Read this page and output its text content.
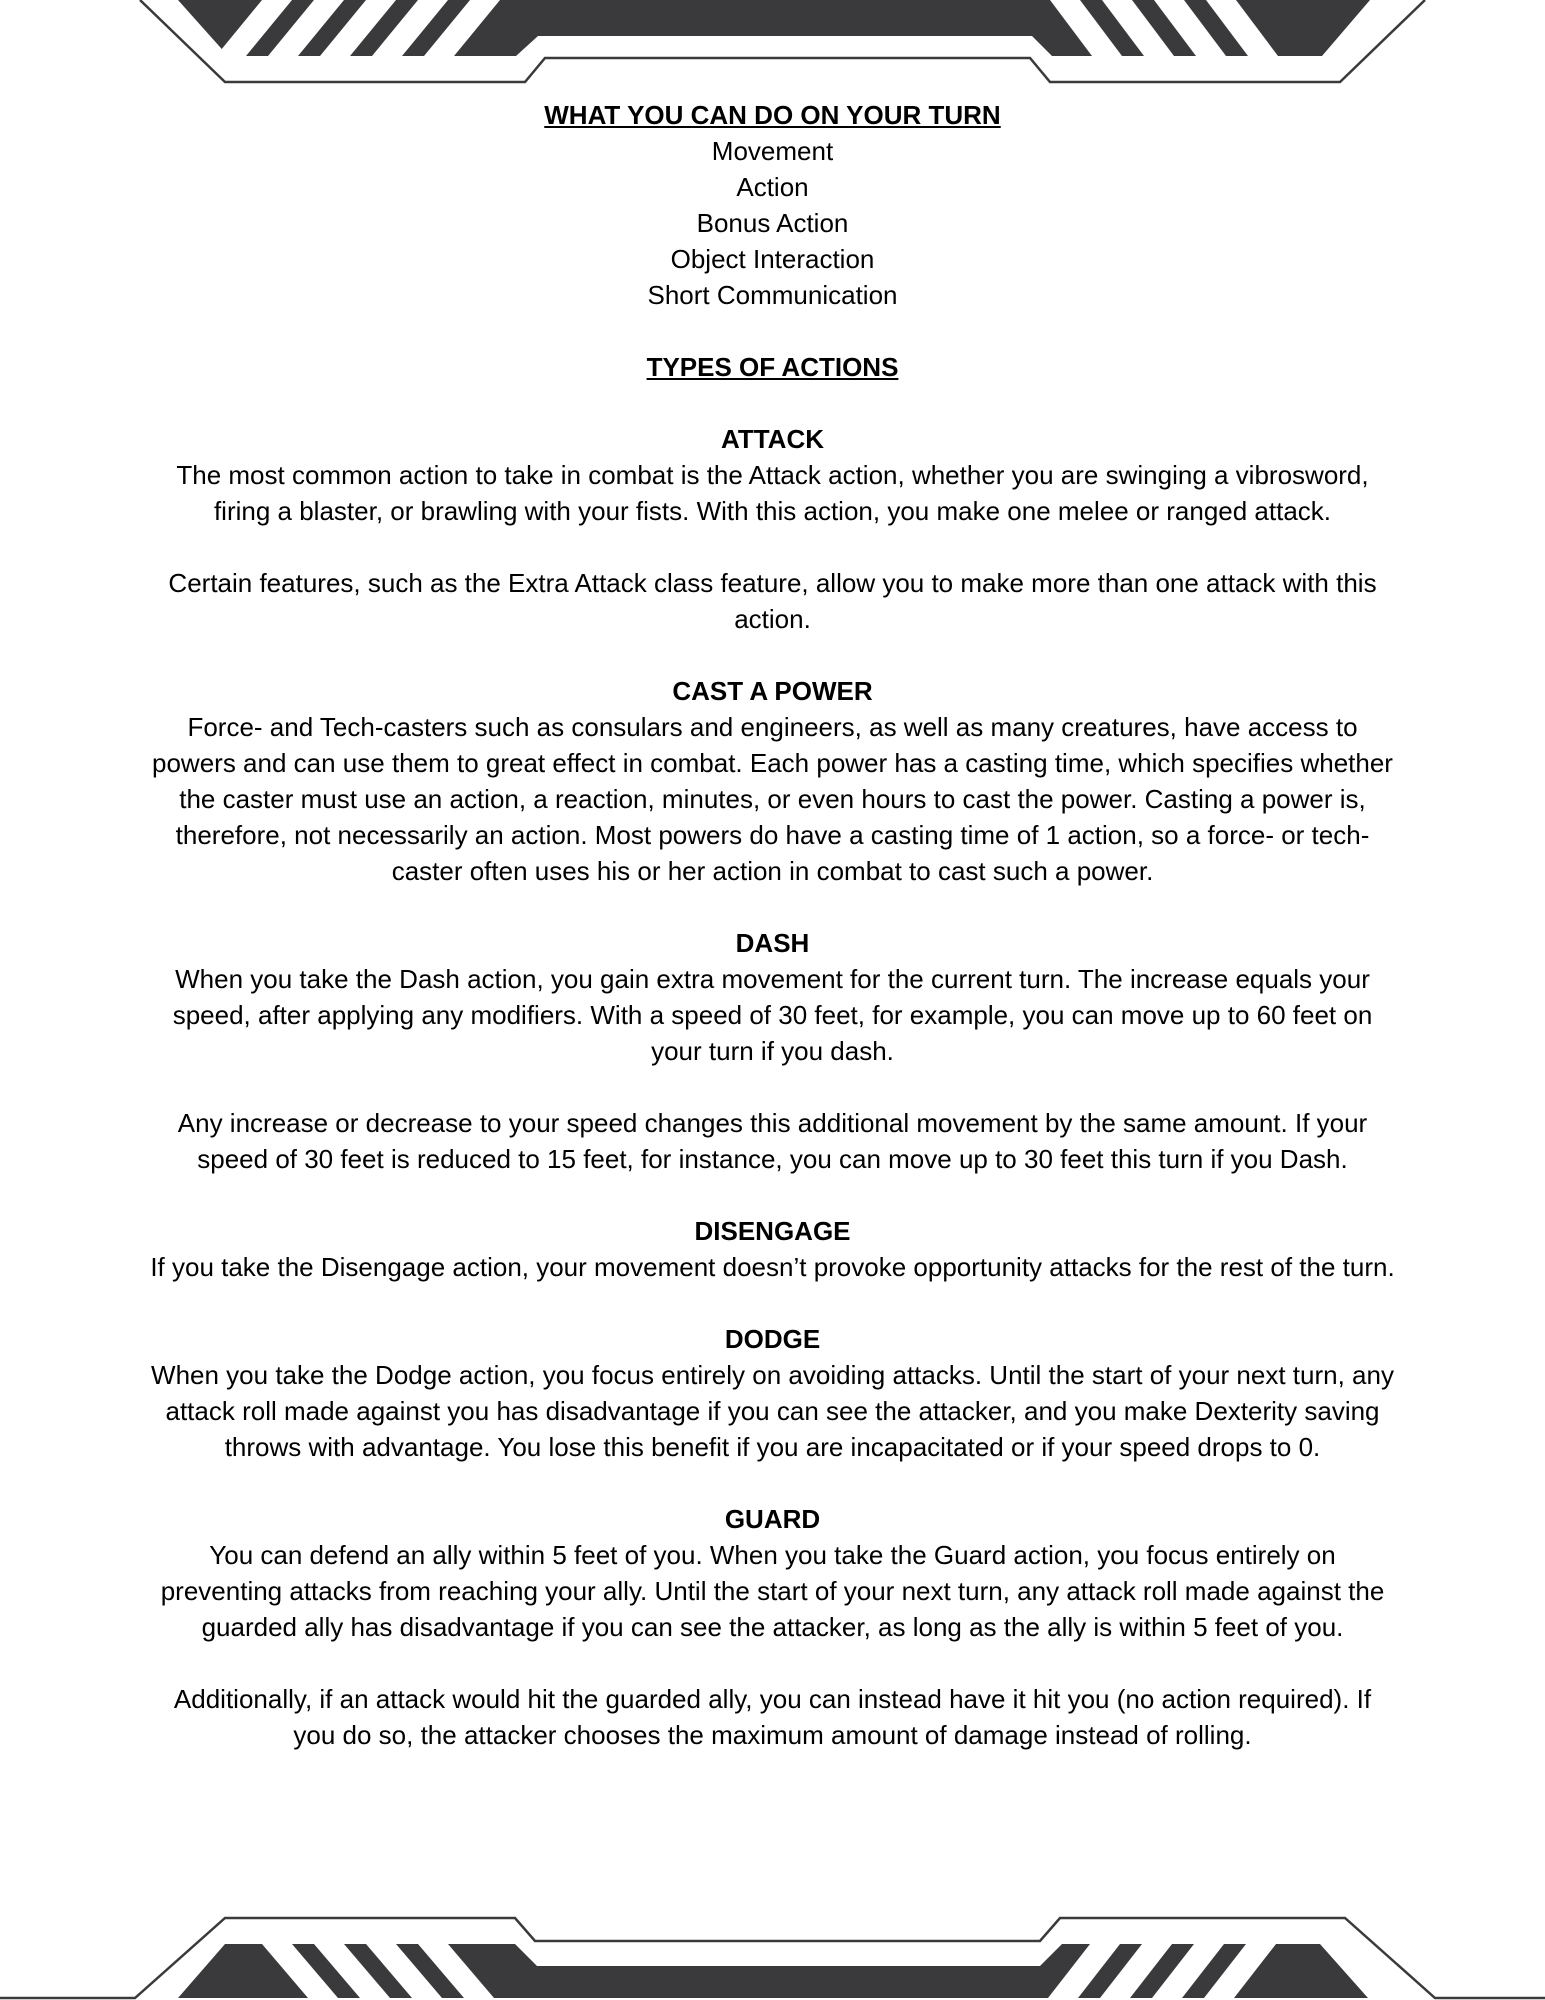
WHAT YOU CAN DO ON YOUR TURN
Movement
Action
Bonus Action
Object Interaction
Short Communication
TYPES OF ACTIONS
ATTACK
The most common action to take in combat is the Attack action, whether you are swinging a vibrosword, firing a blaster, or brawling with your fists. With this action, you make one melee or ranged attack.
Certain features, such as the Extra Attack class feature, allow you to make more than one attack with this action.
CAST A POWER
Force- and Tech-casters such as consulars and engineers, as well as many creatures, have access to powers and can use them to great effect in combat. Each power has a casting time, which specifies whether the caster must use an action, a reaction, minutes, or even hours to cast the power. Casting a power is, therefore, not necessarily an action. Most powers do have a casting time of 1 action, so a force- or tech-caster often uses his or her action in combat to cast such a power.
DASH
When you take the Dash action, you gain extra movement for the current turn. The increase equals your speed, after applying any modifiers. With a speed of 30 feet, for example, you can move up to 60 feet on your turn if you dash.
Any increase or decrease to your speed changes this additional movement by the same amount. If your speed of 30 feet is reduced to 15 feet, for instance, you can move up to 30 feet this turn if you Dash.
DISENGAGE
If you take the Disengage action, your movement doesn’t provoke opportunity attacks for the rest of the turn.
DODGE
When you take the Dodge action, you focus entirely on avoiding attacks. Until the start of your next turn, any attack roll made against you has disadvantage if you can see the attacker, and you make Dexterity saving throws with advantage. You lose this benefit if you are incapacitated or if your speed drops to 0.
GUARD
You can defend an ally within 5 feet of you. When you take the Guard action, you focus entirely on preventing attacks from reaching your ally. Until the start of your next turn, any attack roll made against the guarded ally has disadvantage if you can see the attacker, as long as the ally is within 5 feet of you.
Additionally, if an attack would hit the guarded ally, you can instead have it hit you (no action required). If you do so, the attacker chooses the maximum amount of damage instead of rolling.
